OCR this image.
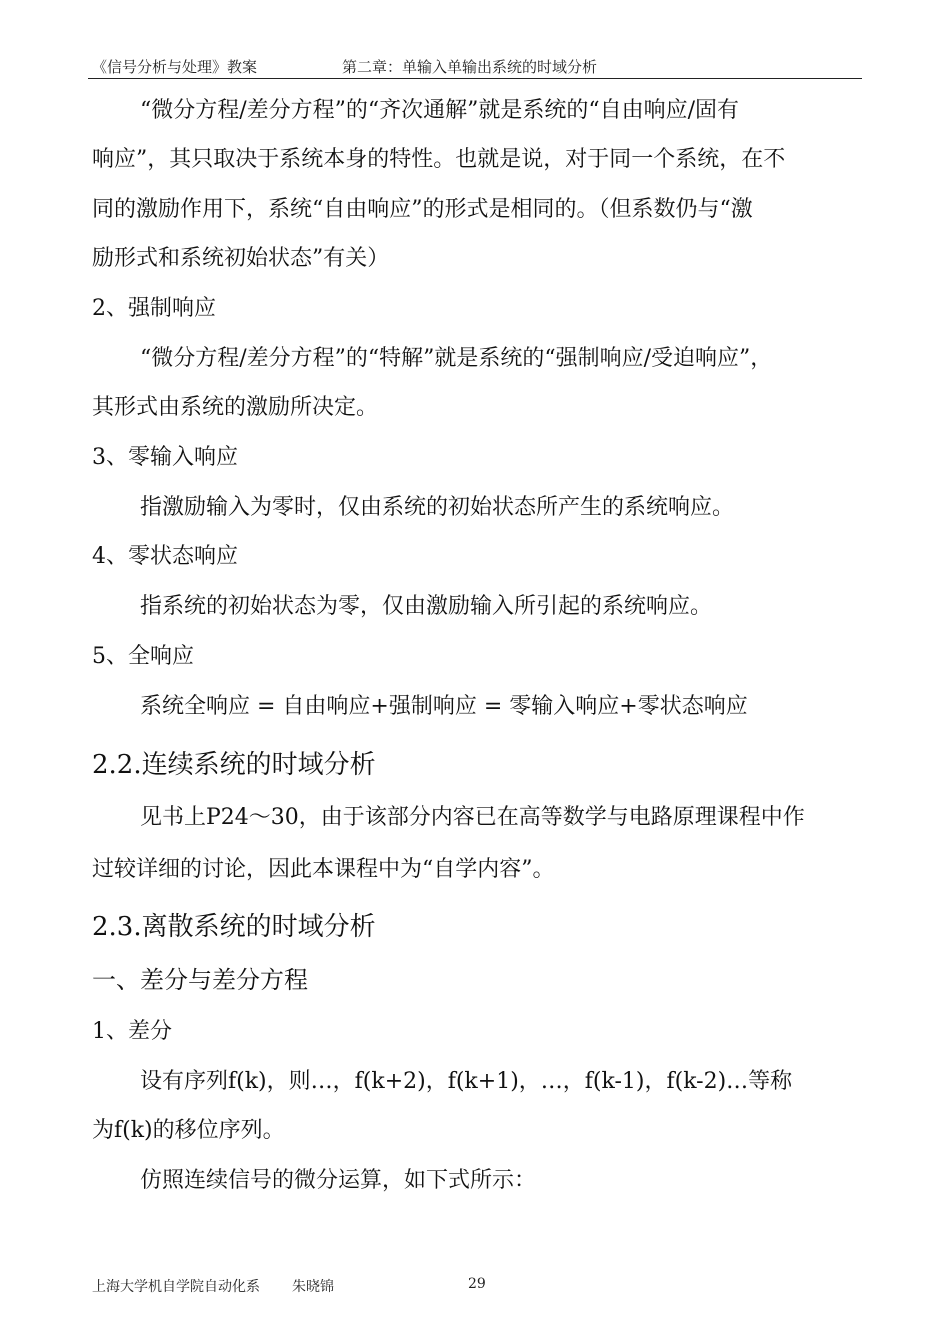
《信号分析与处理》教案	第二章：单输入单输出系统的时域分析
“微分方程/差分方程”的“齐次通解”就是系统的“自由响应/固有
响应”，其只取决于系统本身的特性。也就是说，对于同一个系统，在不
同的激励作用下，系统“自由响应”的形式是相同的。（但系数仍与“激
励形式和系统初始状态”有关）
2、强制响应
“微分方程/差分方程”的“特解”就是系统的“强制响应/受迫响应”，
其形式由系统的激励所决定。
3、零输入响应
指激励输入为零时，仅由系统的初始状态所产生的系统响应。
4、零状态响应
指系统的初始状态为零，仅由激励输入所引起的系统响应。
5、全响应
系统全响应 = 自由响应+强制响应 = 零输入响应+零状态响应
2.2.连续系统的时域分析
见书上P24～30，由于该部分内容已在高等数学与电路原理课程中作
过较详细的讨论，因此本课程中为“自学内容”。
2.3.离散系统的时域分析
一、差分与差分方程
1、差分
设有序列f(k)，则…，f(k+2)，f(k+1)，…，f(k-1)，f(k-2)…等称
为f(k)的移位序列。
仿照连续信号的微分运算，如下式所示：
上海大学机自学院自动化系 朱晓锦	29
